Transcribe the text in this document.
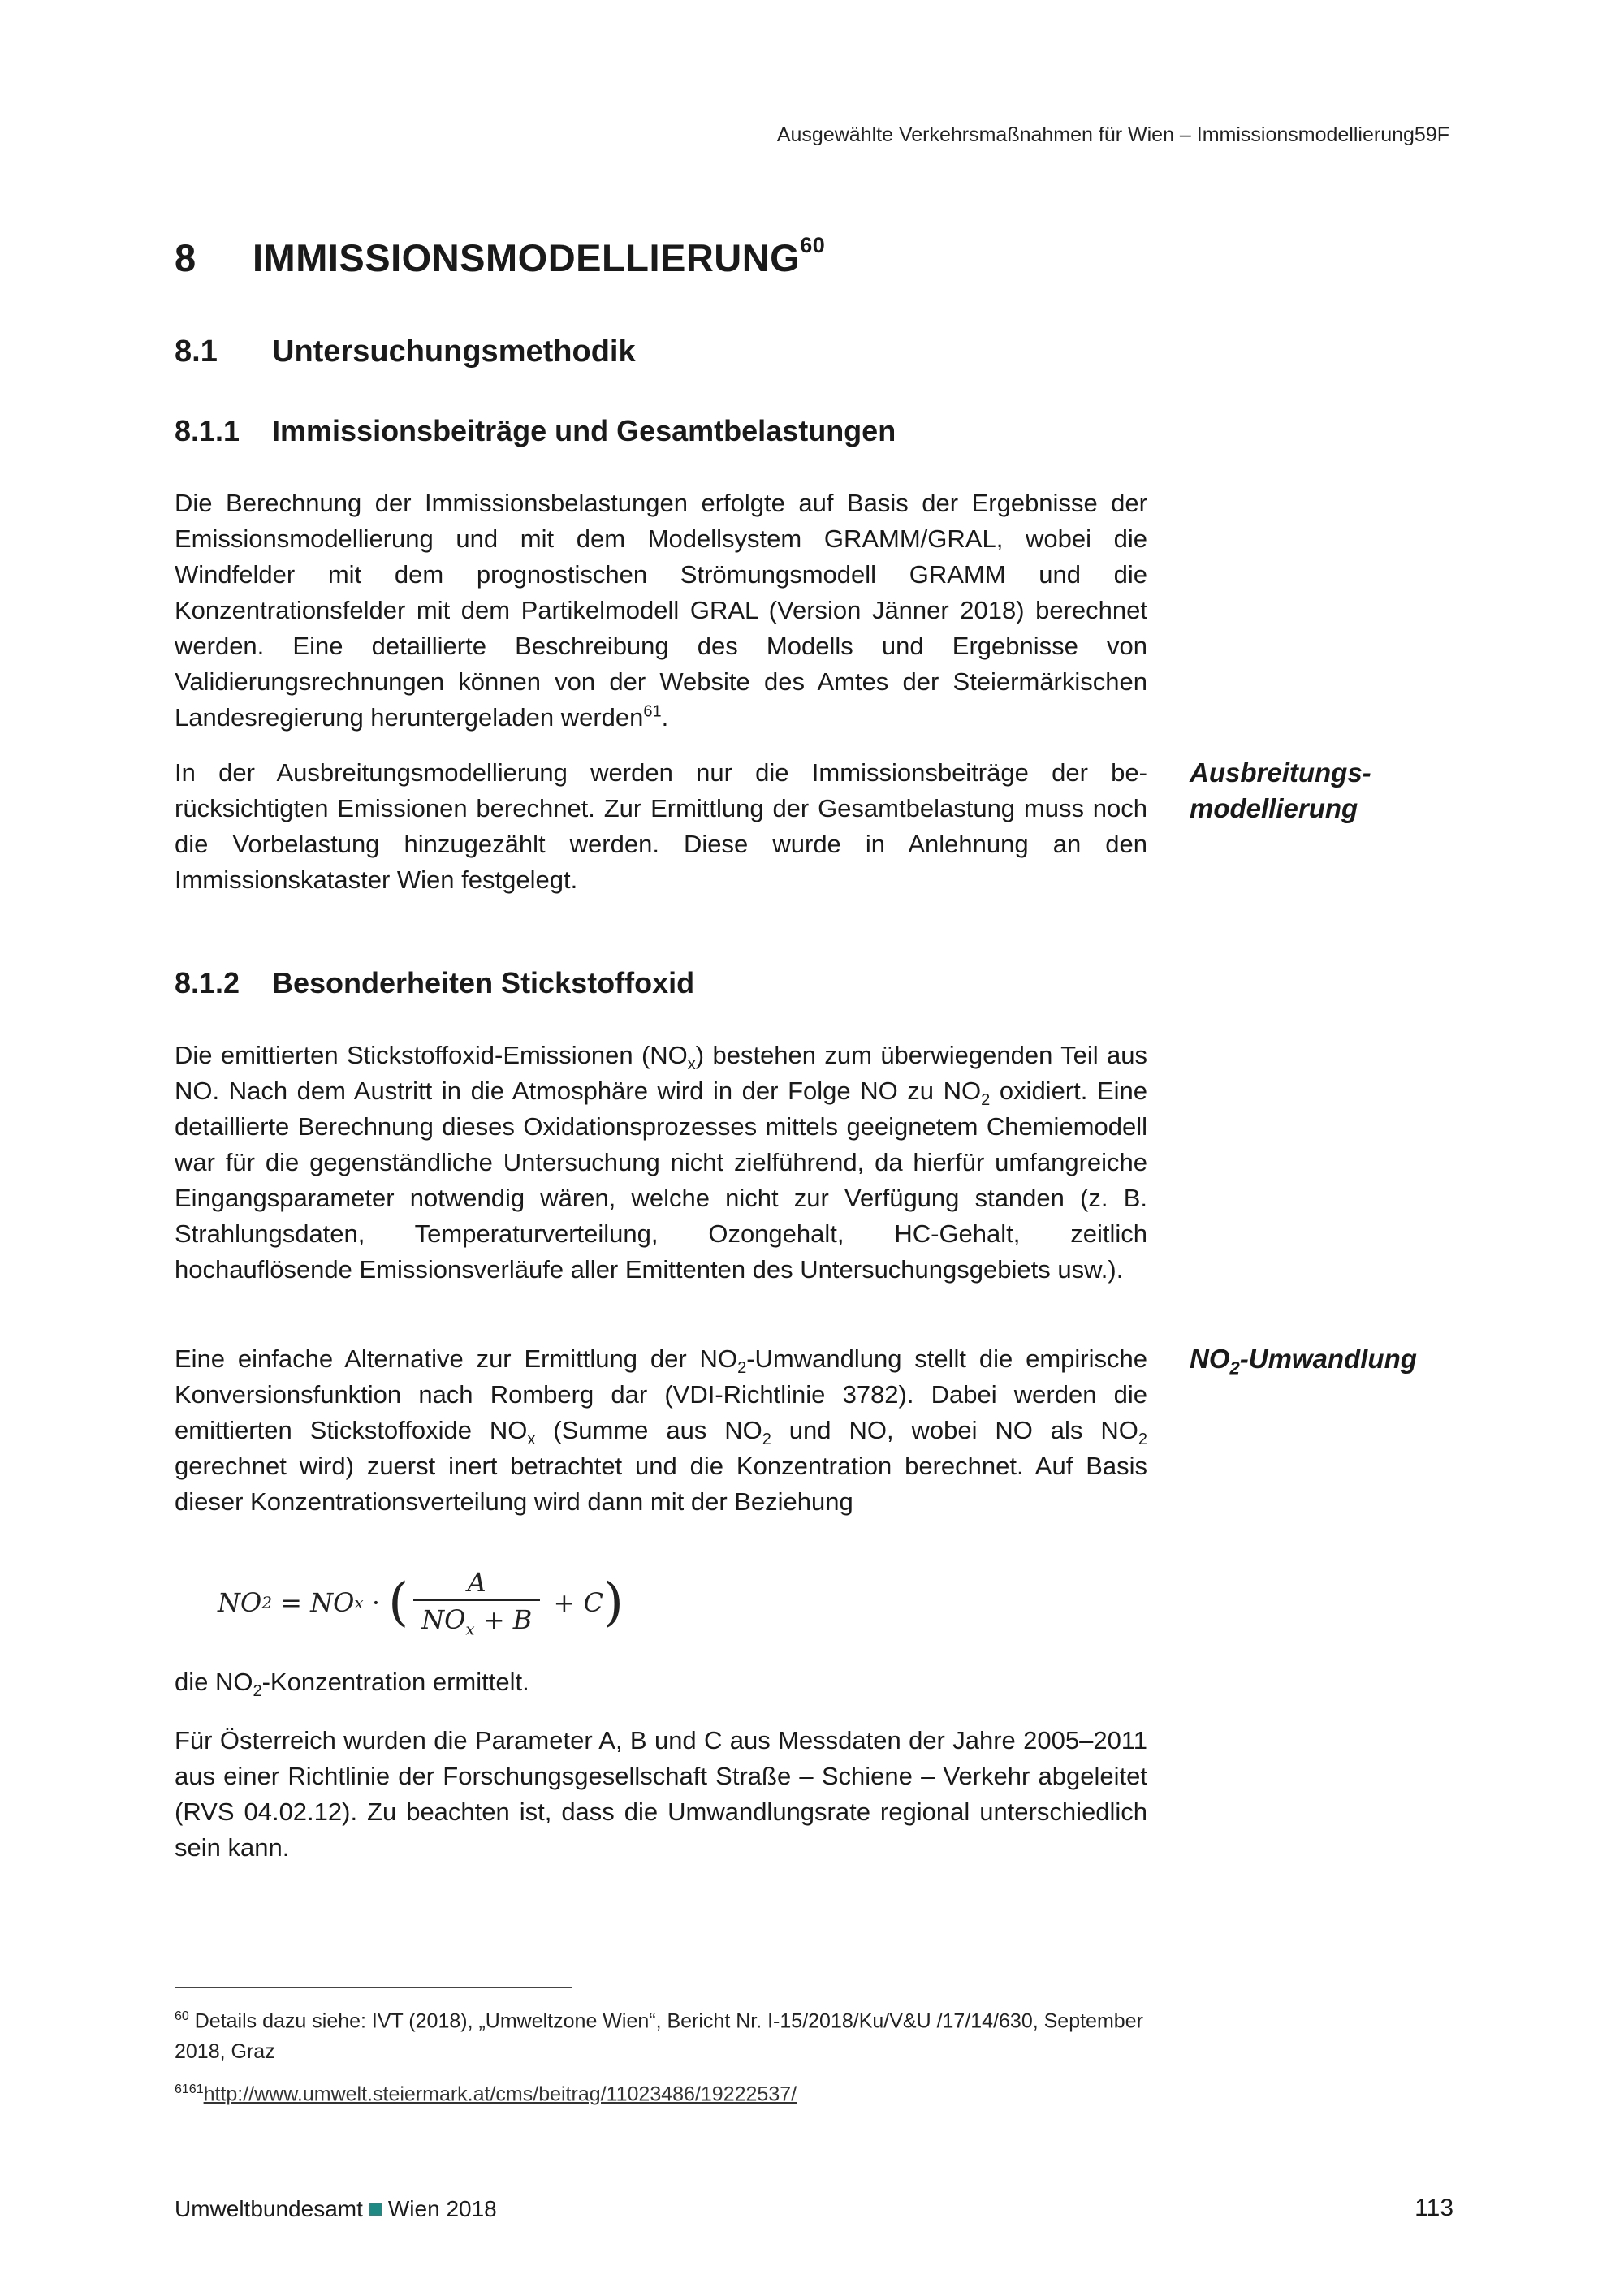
Ausgewählte Verkehrsmaßnahmen für Wien – Immissionsmodellierung59F
8 IMMISSIONSMODELLIERUNG$^{60}$
8.1 Untersuchungsmethodik
8.1.1 Immissionsbeiträge und Gesamtbelastungen

Die Berechnung der Immissionsbelastungen erfolgte auf Basis der Ergebnisse der Emissionsmodellierung und mit dem Modellsystem GRAMM/GRAL, wobei die Windfelder mit dem prognostischen Strömungsmodell GRAMM und die Konzentrationsfelder mit dem Partikelmodell GRAL (Version Jänner 2018) berechnet werden. Eine detaillierte Beschreibung des Modells und Ergebnisse von Validierungsrechnungen können von der Website des Amtes der Steiermärkischen Landesregierung heruntergeladen werden$^{61}$.

In der Ausbreitungsmodellierung werden nur die Immissionsbeiträge der berücksichtigten Emissionen berechnet. Zur Ermittlung der Gesamtbelastung muss noch die Vorbelastung hinzugezählt werden. Diese wurde in Anlehnung an den Immissionskataster Wien festgelegt.

Ausbreitungs-
modellierung
8.1.2 Besonderheiten Stickstoffoxid

Die emittierten Stickstoffoxid-Emissionen $(NO_x)$ bestehen zum überwiegenden Teil aus NO. Nach dem Austritt in die Atmosphäre wird in der Folge NO zu $NO_2$ oxidiert. Eine detaillierte Berechnung dieses Oxidationsprozesses mittels geeignetem Chemiemodell war für die gegenständliche Untersuchung nicht zielführend, da hierfür umfangreiche Eingangsparameter notwendig wären, welche nicht zur Verfügung standen (z. B. Strahlungsdaten, Temperaturverteilung, Ozongehalt, HC-Gehalt, zeitlich hochauflösende Emissionsverläufe aller Emittenten des Untersuchungsgebiets usw.).

Eine einfache Alternative zur Ermittlung der $NO_2$-Umwandlung stellt die empirische Konversionsfunktion nach Romberg dar (VDI-Richtlinie 3782). Dabei werden die emittierten Stickstoffoxide $NO_x$ (Summe aus $NO_2$ und NO, wobei NO als $NO_2$ gerechnet wird) zuerst inert betrachtet und die Konzentration berechnet. Auf Basis dieser Konzentrationsverteilung wird dann mit der Beziehung

$NO_2$-Umwandlung
NO 2 = NO x · ( $\frac{A}{NO_x + B} + C$ )

die $NO_2$-Konzentration ermittelt.

Für Österreich wurden die Parameter A, B und C aus Messdaten der Jahre 2005–2011 aus einer Richtlinie der Forschungsgesellschaft Straße – Schiene – Verkehr abgeleitet (RVS 04.02.12). Zu beachten ist, dass die Umwandlungsrate regional unterschiedlich sein kann.

$^{60}$ Details dazu siehe: IVT (2018), „Umweltzone Wien“, Bericht Nr. I-15/2018/Ku/V&U /17/14/630, September 2018, Graz
$^{6161}$http://www.umwelt.steiermark.at/cms/beitrag/11023486/19222537/
Umweltbundesamt Wien 2018	113
